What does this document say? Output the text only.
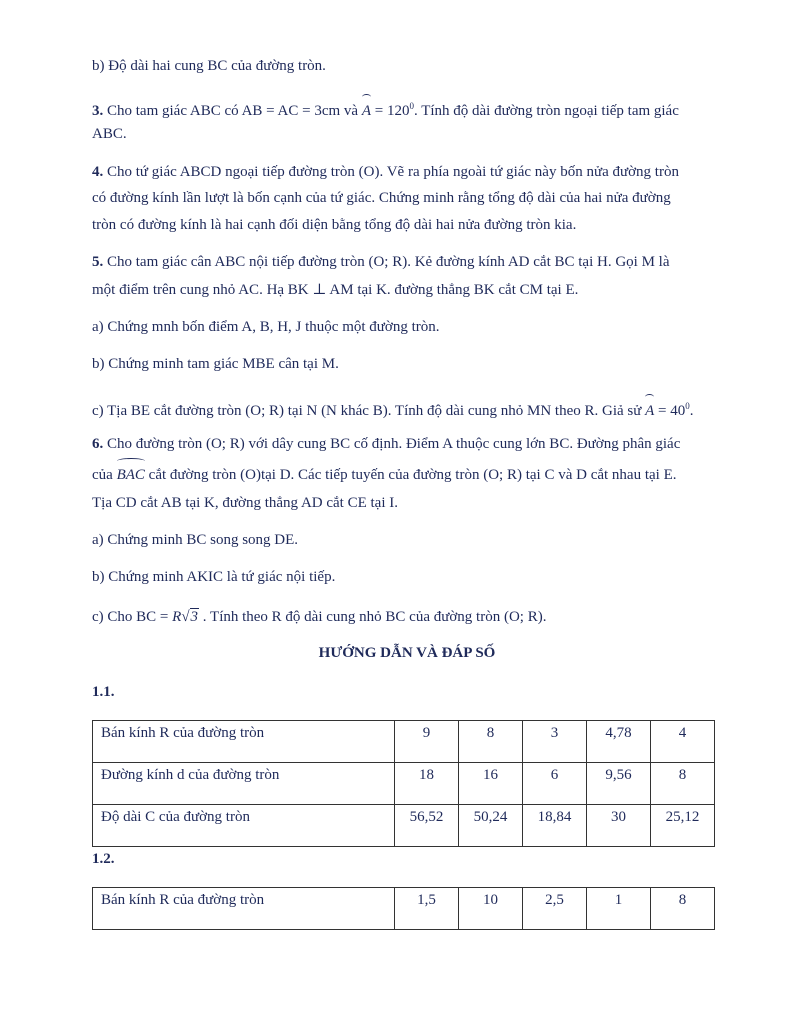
b) Độ dài hai cung BC của đường tròn.

3. Cho tam giác ABC có AB = AC = 3cm và $A = 120^0$. Tính độ dài đường tròn ngoại tiếp tam giác

ABC.

4. Cho tứ giác ABCD ngoại tiếp đường tròn (O). Vẽ ra phía ngoài tứ giác này bốn nửa đường tròn

có đường kính lần lượt là bốn cạnh của tứ giác. Chứng minh rằng tổng độ dài của hai nửa đường

tròn có đường kính là hai cạnh đối diện bằng tổng độ dài hai nửa đường tròn kia.

5. Cho tam giác cân ABC nội tiếp đường tròn (O; R). Kẻ đường kính AD cắt BC tại H. Gọi M là

một điểm trên cung nhỏ AC. Hạ BK ⊥ AM tại K. đường thẳng BK cắt CM tại E.

a) Chứng mnh bốn điểm A, B, H, J thuộc một đường tròn.

b) Chứng minh tam giác MBE cân tại M.

c) Tịa BE cắt đường tròn (O; R) tại N (N khác B). Tính độ dài cung nhỏ MN theo R. Giả sử $A = 40^0$.

6. Cho đường tròn (O; R) với dây cung BC cố định. Điểm A thuộc cung lớn BC. Đường phân giác

của BAC cắt đường tròn (O)tại D. Các tiếp tuyến của đường tròn (O; R) tại C và D cắt nhau tại E.

Tịa CD cắt AB tại K, đường thẳng AD cắt CE tại I.

a) Chứng minh BC song song DE.

b) Chứng minh AKIC là tứ giác nội tiếp.

c) Cho BC = R√3 . Tính theo R độ dài cung nhỏ BC của đường tròn (O; R).

HƯỚNG DẪN VÀ ĐÁP SỐ
1.1.
Bán kính R của đường tròn	9	8	3	4,78	4
Đường kính d của đường tròn	18	16	6	9,56	8
Độ dài C của đường tròn	56,52	50,24	18,84	30	25,12
1.2.
Bán kính R của đường tròn	1,5	10	2,5	1	8
